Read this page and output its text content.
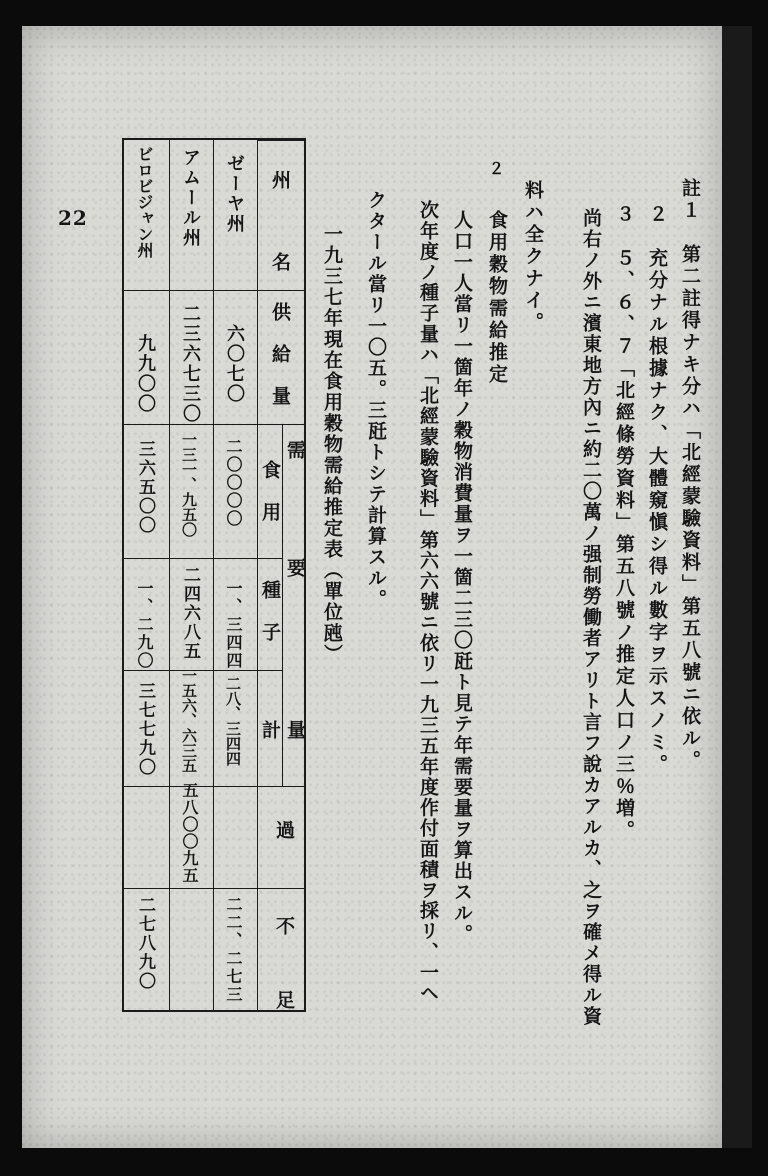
22	註１　第二註得ナキ分ハ「北經蒙驗資料」第五八號ニ依ル。
２　充分ナル根據ナク、大體窺愼シ得ル數字ヲ示スノミ。
３　５、６、７「北經條勞資料」第五八號ノ推定人口ノ三％増。
尚右ノ外ニ濱東地方內ニ約二〇萬ノ强制勞働者アリト言フ說カアルカ、之ヲ確メ得ル資
料ハ全クナイ。
２
食用穀物需給推定
人口一人當リ一箇年ノ穀物消費量ヲ一箇二三〇瓩ト見テ年需要量ヲ算出スル。
次年度ノ種子量ハ「北經蒙驗資料」第六六號ニ依リ一九三五年度作付面積ヲ採リ、一ヘ
クタール當リ一〇五。三瓩トシテ計算スル。
一九三七年現在食用穀物需給推定表（單位瓲）
州　名
供　給　量
需　要
食　用
種　子
計 量
過
不　足
ゼーヤ州
六〇七〇
二〇〇〇〇
一、三四四
二八、三四四
二二、二七三
アムール州
二三六七三〇
一三一、九五〇
二四六八五
一五六、六三五
五八〇〇九五
ビロビジャン州
九九〇〇
三六五〇〇
一、二九〇
三七七九〇
二七八九〇
